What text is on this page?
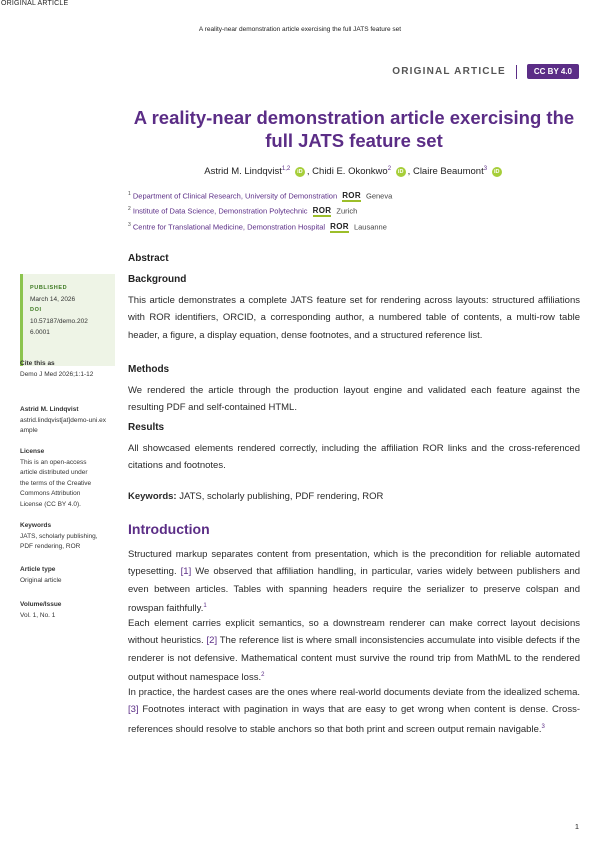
ORIGINAL ARTICLE
A reality-near demonstration article exercising the full JATS feature set
ORIGINAL ARTICLE	CC BY 4.0
A reality-near demonstration article exercising the
full JATS feature set
Astrid M. Lindqvist$^{1,2}$ iD , Chidi E. Okonkwo$^2$ iD , Claire Beaumont$^3$ iD
$^1$ Department of Clinical Research, University of Demonstration ROR Geneva
$^2$ Institute of Data Science, Demonstration Polytechnic ROR Zurich
$^3$ Centre for Translational Medicine, Demonstration Hospital ROR Lausanne
PUBLISHED
March 14, 2026
DOI
10.57187/demo.202
6.0001
Cite this as
Demo J Med 2026;1:1-12
Astrid M. Lindqvist
astrid.lindqvist[at]demo-uni.ex
ample
License
This is an open-access
article distributed under
the terms of the Creative
Commons Attribution
License (CC BY 4.0).
Keywords
JATS, scholarly publishing,
PDF rendering, ROR
Article type
Original article
Volume/Issue
Vol. 1, No. 1
Abstract
Background

This article demonstrates a complete JATS feature set for rendering across layouts: structured affiliations with ROR identifiers, ORCID, a corresponding author, a numbered table of contents, a multi-row table header, a figure, a display equation, dense footnotes, and a structured reference list.

Methods

We rendered the article through the production layout engine and validated each feature against the resulting PDF and self-contained HTML.

Results

All showcased elements rendered correctly, including the affiliation ROR links and the cross-referenced citations and footnotes.

Keywords: JATS, scholarly publishing, PDF rendering, ROR

Introduction

Structured markup separates content from presentation, which is the precondition for reliable automated typesetting. [1] We observed that affiliation handling, in particular, varies widely between publishers and even between articles. Tables with spanning headers require the serializer to preserve colspan and rowspan faithfully.$^1$

Each element carries explicit semantics, so a downstream renderer can make correct layout decisions without heuristics. [2] The reference list is where small inconsistencies accumulate into visible defects if the renderer is not defensive. Mathematical content must survive the round trip from MathML to the rendered output without namespace loss.$^2$

In practice, the hardest cases are the ones where real-world documents deviate from the idealized schema. [3] Footnotes interact with pagination in ways that are easy to get wrong when content is dense. Cross-references should resolve to stable anchors so that both print and screen output remain navigable.$^3$

1
